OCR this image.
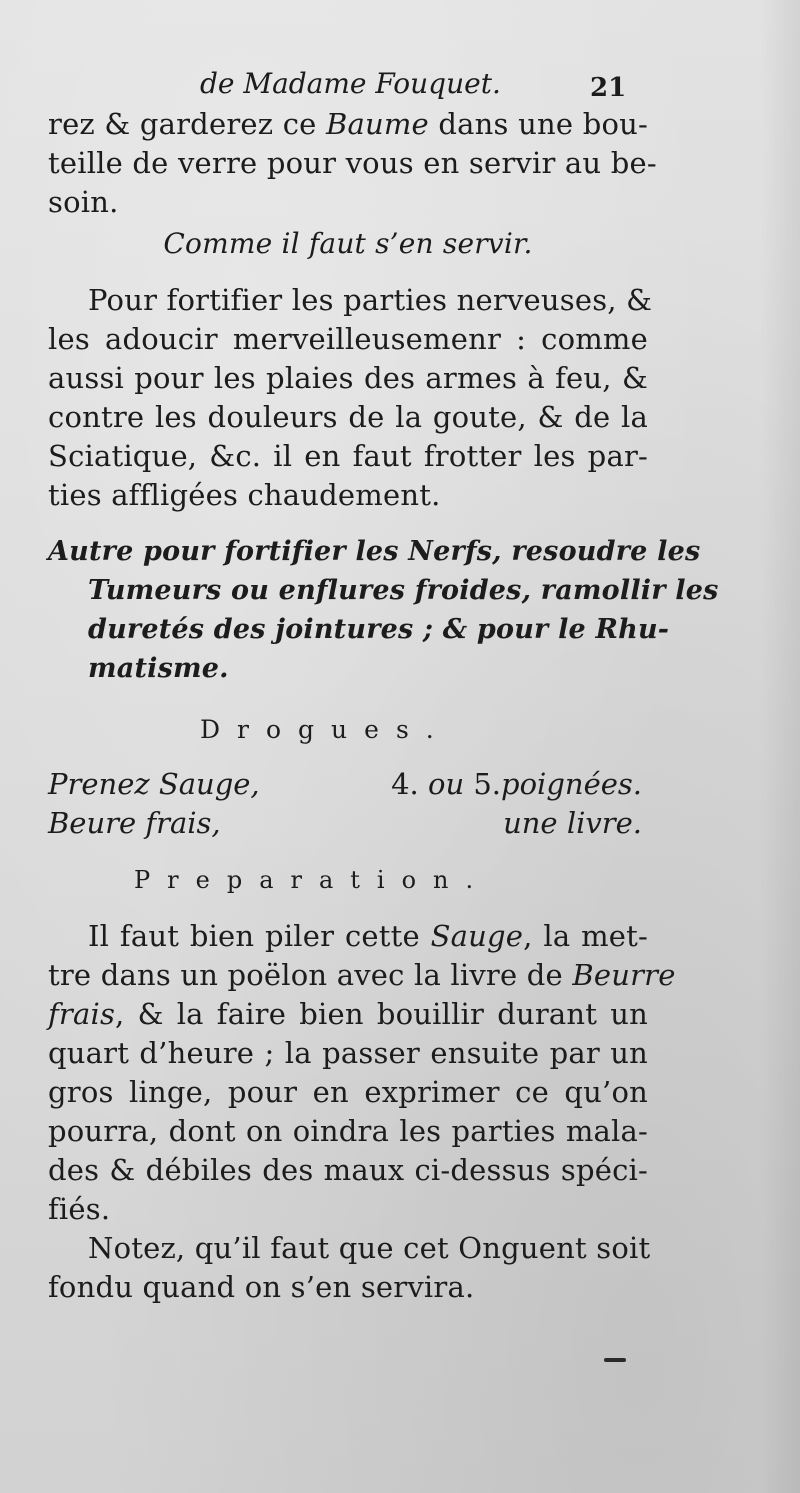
de Madame Fouquet.	21
rez & garderez ce Baume dans une bou-
teille de verre pour vous en servir au be-
soin.
Comme il faut s’en servir.
Pour fortifier les parties nerveuses, &
les adoucir merveilleusemenr : comme
aussi pour les plaies des armes à feu, &
contre les douleurs de la goute, & de la
Sciatique, &c. il en faut frotter les par-
ties affligées chaudement.
Autre pour fortifier les Nerfs, resoudre les
Tumeurs ou enflures froides, ramollir les
duretés des jointures ; & pour le Rhu-
matisme.
Drogues.
Prenez Sauge,	4. ou 5.poignées.
Beure frais,	une livre.
Preparation.
Il faut bien piler cette Sauge, la met-
tre dans un poëlon avec la livre de Beurre
frais, & la faire bien bouillir durant un
quart d’heure ; la passer ensuite par un
gros linge, pour en exprimer ce qu’on
pourra, dont on oindra les parties mala-
des & débiles des maux ci-dessus spéci-
fiés.
Notez, qu’il faut que cet Onguent soit
fondu quand on s’en servira.
